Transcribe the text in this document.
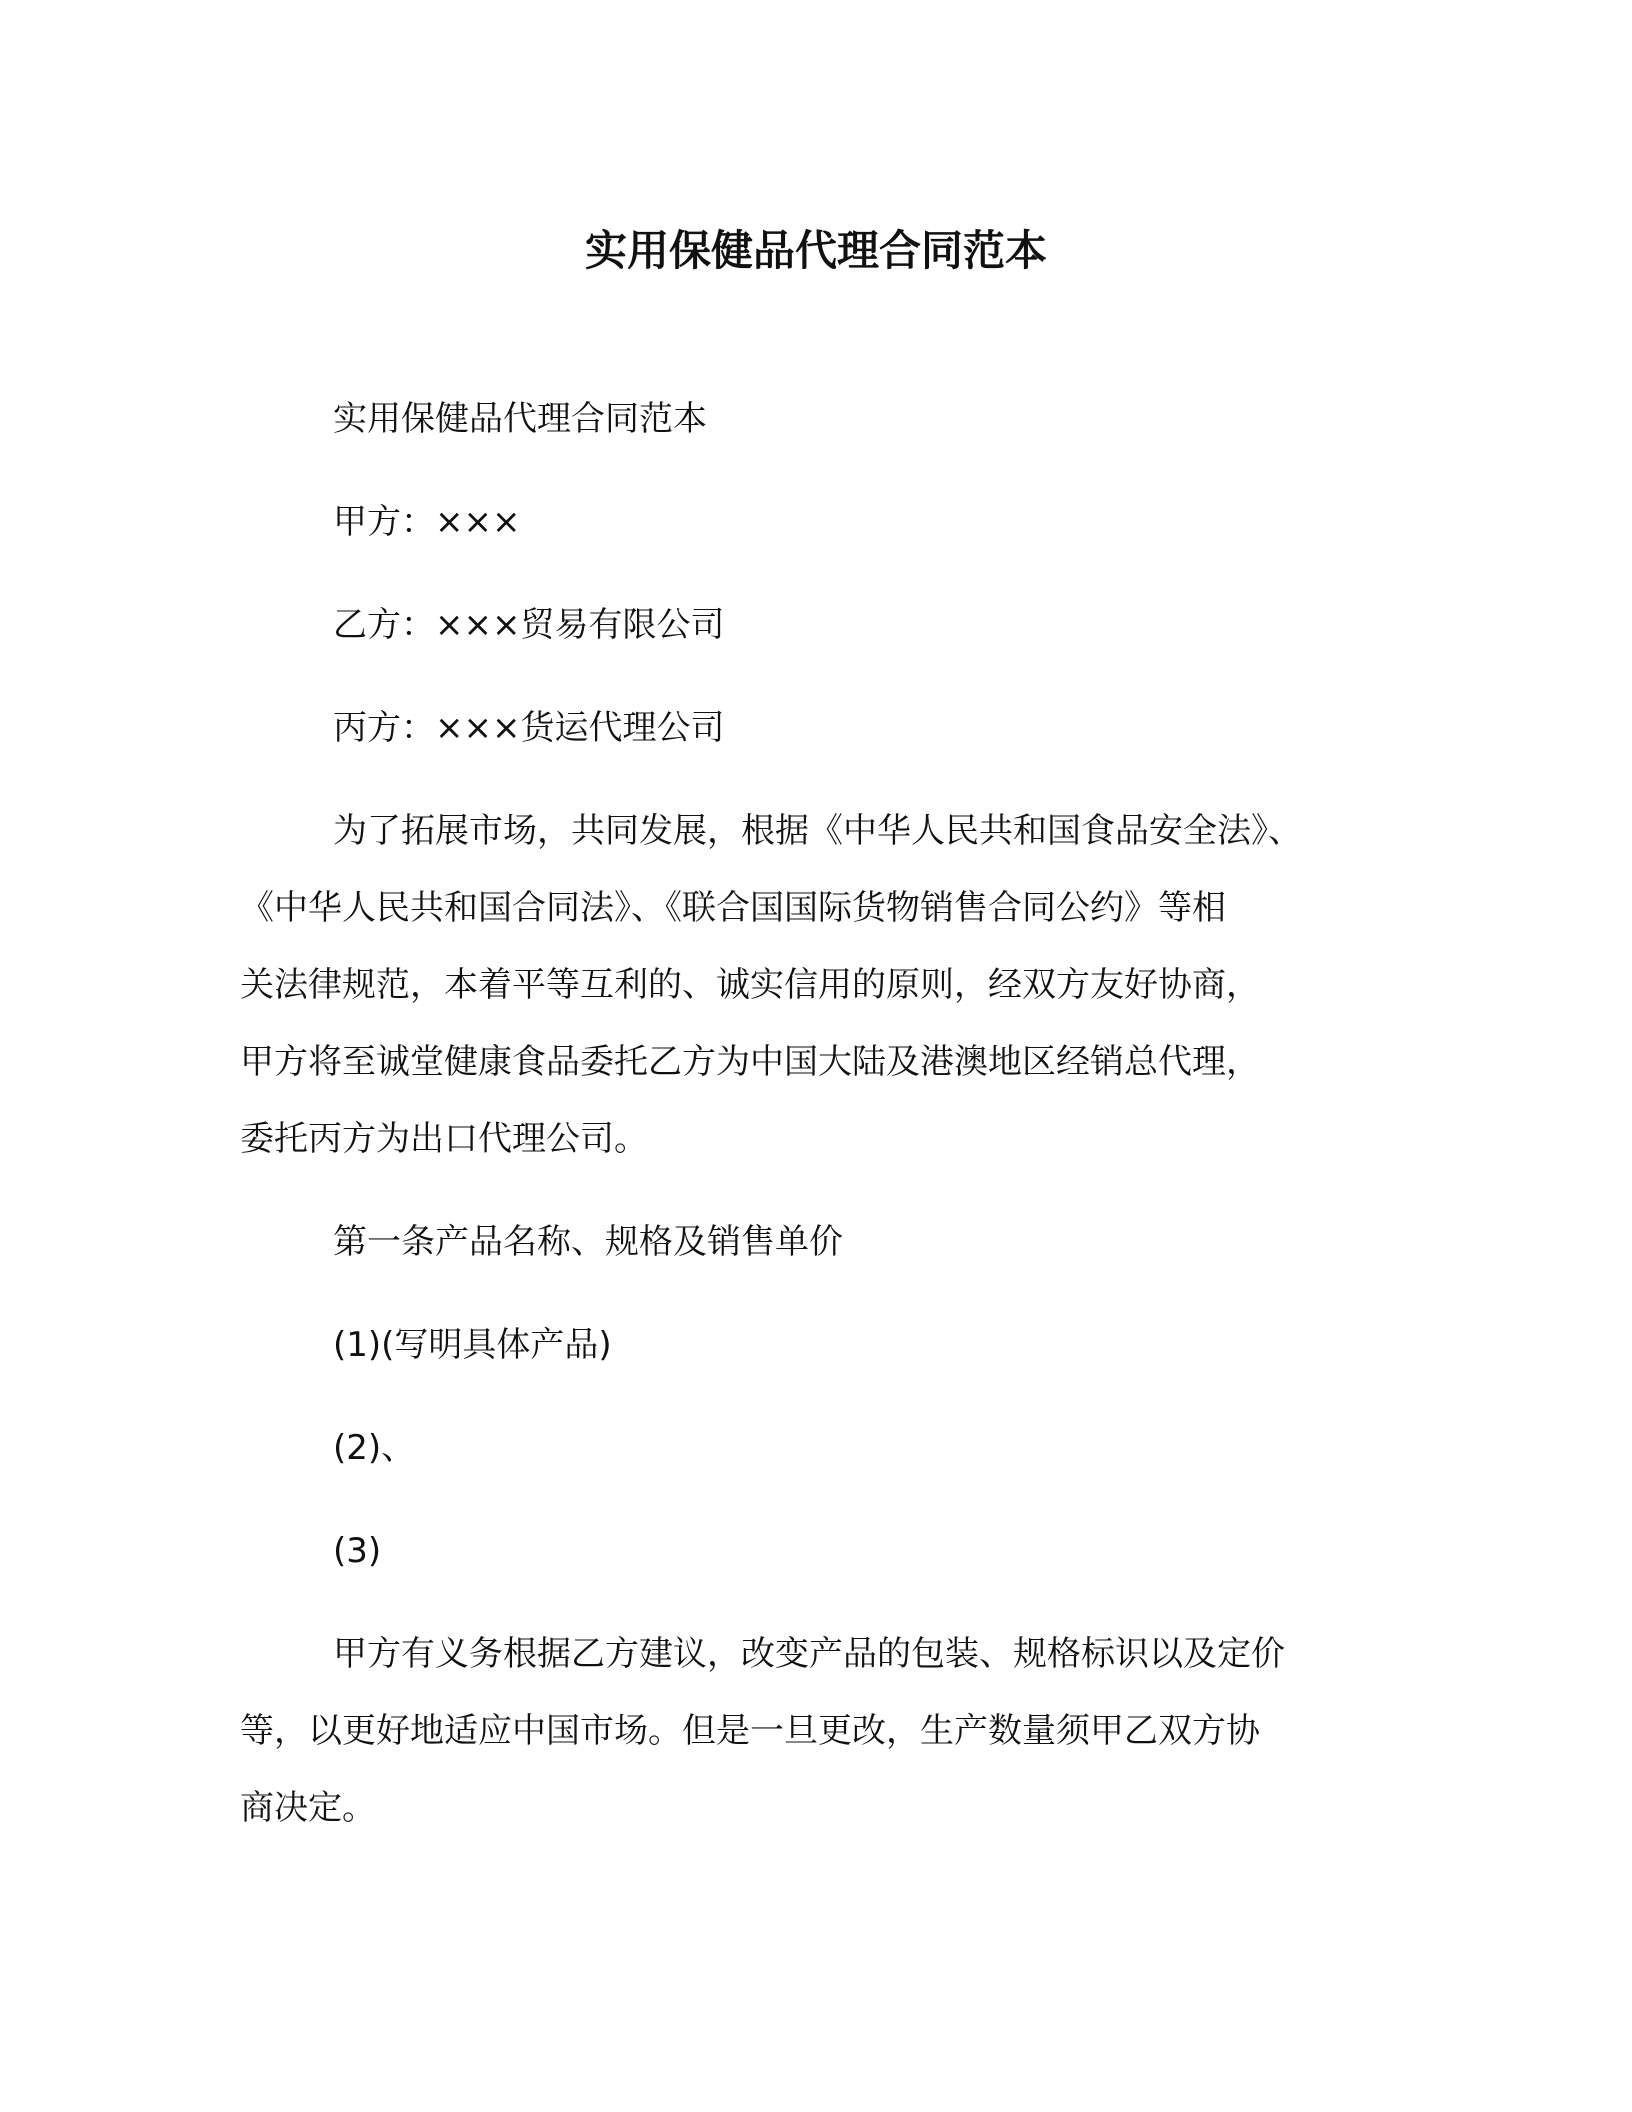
实用保健品代理合同范本
实用保健品代理合同范本
甲方：×××
乙方：×××贸易有限公司
丙方：×××货运代理公司
为了拓展市场，共同发展，根据《中华人民共和国食品安全法》、
《中华人民共和国合同法》、《联合国国际货物销售合同公约》等相
关法律规范，本着平等互利的、诚实信用的原则，经双方友好协商，
甲方将至诚堂健康食品委托乙方为中国大陆及港澳地区经销总代理，
委托丙方为出口代理公司。
第一条产品名称、规格及销售单价
(1)(写明具体产品)
(2)、
(3)
甲方有义务根据乙方建议，改变产品的包装、规格标识以及定价
等，以更好地适应中国市场。但是一旦更改，生产数量须甲乙双方协
商决定。
